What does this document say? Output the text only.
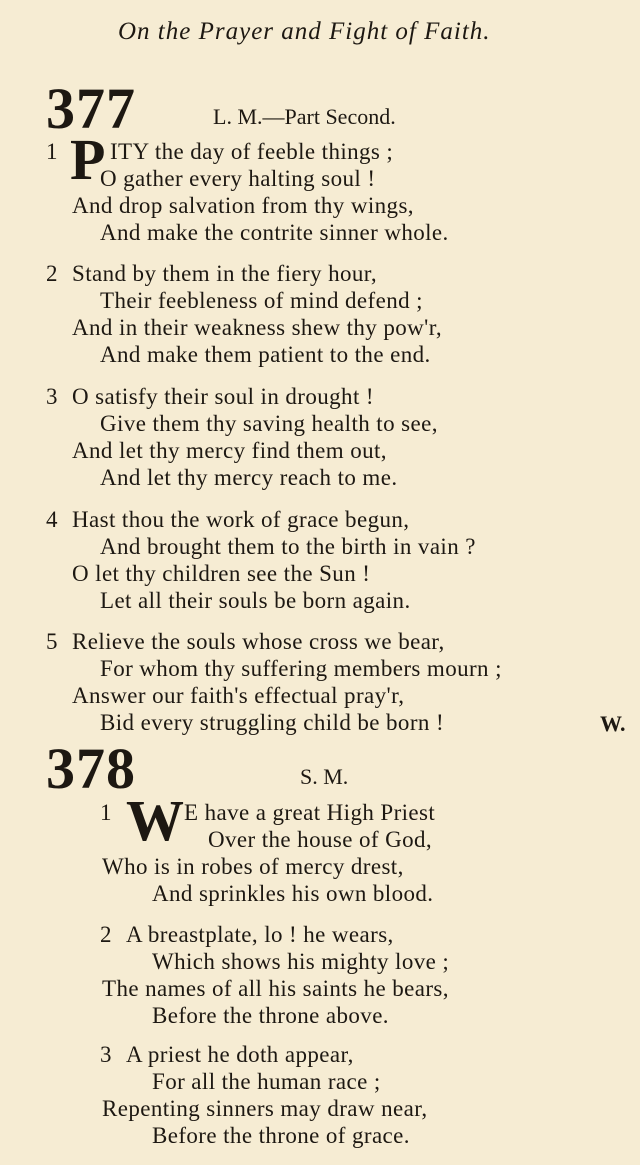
On the Prayer and Fight of Faith.
377	L. M.—Part Second.
1 P ITY the day of feeble things ;
O gather every halting soul !
And drop salvation from thy wings,
And make the contrite sinner whole.
2 Stand by them in the fiery hour,
Their feebleness of mind defend ;
And in their weakness shew thy pow'r,
And make them patient to the end.
3 O satisfy their soul in drought !
Give them thy saving health to see,
And let thy mercy find them out,
And let thy mercy reach to me.
4 Hast thou the work of grace begun,
And brought them to the birth in vain ?
O let thy children see the Sun !
Let all their souls be born again.
5 Relieve the souls whose cross we bear,
For whom thy suffering members mourn ;
Answer our faith's effectual pray'r,
Bid every struggling child be born !	W.
378	S. M.
1 W E have a great High Priest
Over the house of God,
Who is in robes of mercy drest,
And sprinkles his own blood.
2 A breastplate, lo ! he wears,
Which shows his mighty love ;
The names of all his saints he bears,
Before the throne above.
3 A priest he doth appear,
For all the human race ;
Repenting sinners may draw near,
Before the throne of grace.
